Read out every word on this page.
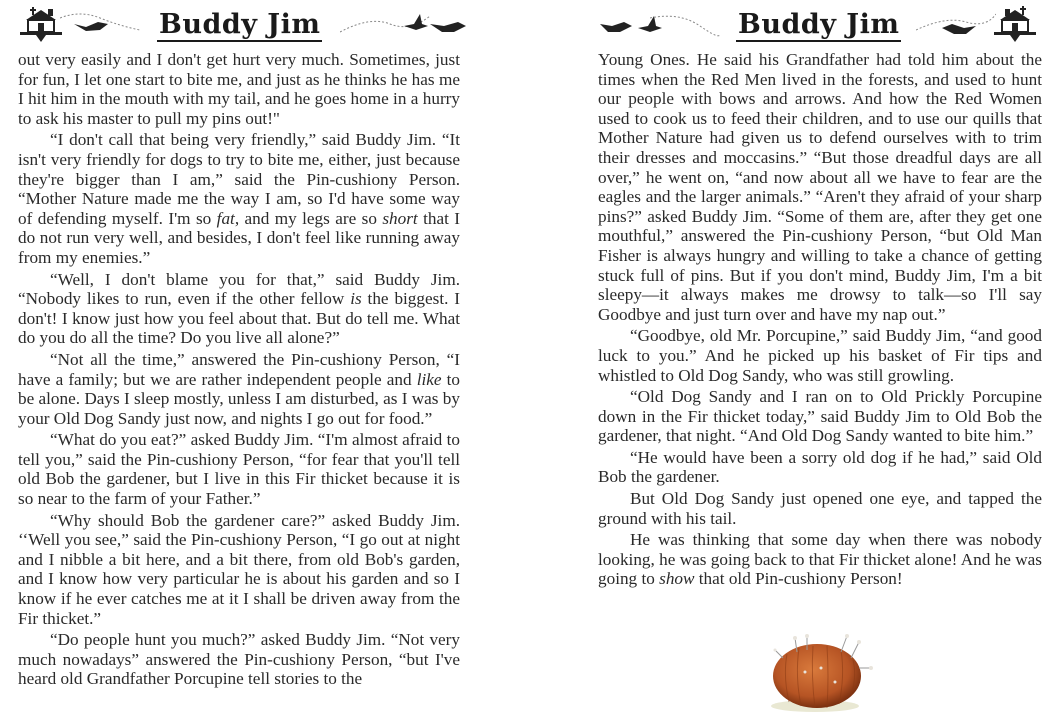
Buddy Jim

out very easily and I don't get hurt very much. Sometimes, just for fun, I let one start to bite me, and just as he thinks he has me I hit him in the mouth with my tail, and he goes home in a hurry to ask his master to pull my pins out!"

“I don't call that being very friendly,” said Buddy Jim. “It isn't very friendly for dogs to try to bite me, either, just because they're bigger than I am,” said the Pin-cushiony Person. “Mother Nature made me the way I am, so I'd have some way of defending myself. I'm so fat, and my legs are so short that I do not run very well, and besides, I don't feel like running away from my enemies.”

“Well, I don't blame you for that,” said Buddy Jim. “Nobody likes to run, even if the other fellow is the biggest. I don't! I know just how you feel about that. But do tell me. What do you do all the time? Do you live all alone?”

“Not all the time,” answered the Pin-cushiony Person, “I have a family; but we are rather independent people and like to be alone. Days I sleep mostly, unless I am disturbed, as I was by your Old Dog Sandy just now, and nights I go out for food.”

“What do you eat?” asked Buddy Jim. “I'm almost afraid to tell you,” said the Pin-cushiony Person, “for fear that you'll tell old Bob the gardener, but I live in this Fir thicket because it is so near to the farm of your Father.”

“Why should Bob the gardener care?” asked Buddy Jim. ‘‘Well you see,” said the Pin-cushiony Person, “I go out at night and I nibble a bit here, and a bit there, from old Bob's garden, and I know how very particular he is about his garden and so I know if he ever catches me at it I shall be driven away from the Fir thicket.”

“Do people hunt you much?” asked Buddy Jim. “Not very much nowadays” answered the Pin-cushiony Person, “but I've heard old Grandfather Porcupine tell stories to the

Buddy Jim

Young Ones. He said his Grandfather had told him about the times when the Red Men lived in the forests, and used to hunt our people with bows and arrows. And how the Red Women used to cook us to feed their children, and to use our quills that Mother Nature had given us to defend ourselves with to trim their dresses and moccasins.” “But those dreadful days are all over,” he went on, “and now about all we have to fear are the eagles and the larger animals.” “Aren't they afraid of your sharp pins?” asked Buddy Jim. “Some of them are, after they get one mouthful,” answered the Pin-cushiony Person, “but Old Man Fisher is always hungry and willing to take a chance of getting stuck full of pins. But if you don't mind, Buddy Jim, I'm a bit sleepy—it always makes me drowsy to talk—so I'll say Goodbye and just turn over and have my nap out.”

“Goodbye, old Mr. Porcupine,” said Buddy Jim, “and good luck to you.” And he picked up his basket of Fir tips and whistled to Old Dog Sandy, who was still growling.

“Old Dog Sandy and I ran on to Old Prickly Porcupine down in the Fir thicket today,” said Buddy Jim to Old Bob the gardener, that night. “And Old Dog Sandy wanted to bite him.”

“He would have been a sorry old dog if he had,” said Old Bob the gardener.

But Old Dog Sandy just opened one eye, and tapped the ground with his tail.

He was thinking that some day when there was nobody looking, he was going back to that Fir thicket alone! And he was going to show that old Pin-cushiony Person!
